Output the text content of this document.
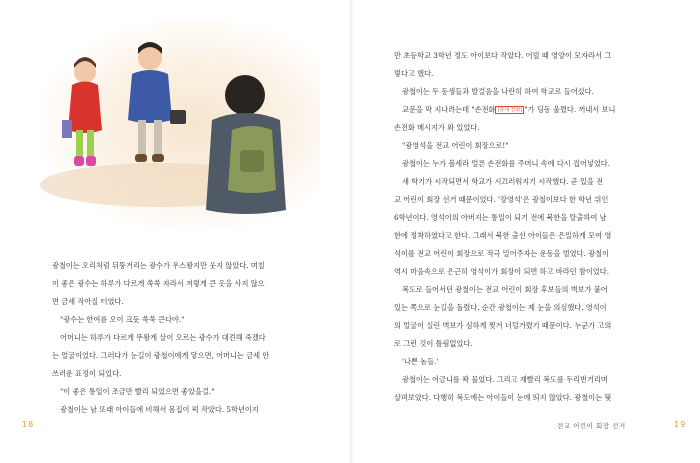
광철이는 오리처럼 뒤뚱거리는 광수가 우스꽝지만 웃지 않았다. 며칠

이 좋은 광수는 하루가 다르게 쑥쑥 자라서 저렇게 큰 옷을 사지 않으

면 금세 작아질 터였다.

"광수는 한여름 오이 크듯 쑥쑥 큰다야."

어머니는 하루가 다르게 뚜왕게 살이 오르는 광수가 대견해 죽겠다

는 얼굴이었다. 그러다가 눈길이 광철이에게 닿으면, 어머니는 금세 안

쓰러운 표정이 되었다.

"이 좋은 통일이 조금만 빨리 되었으면 좋았을걸."

광철이는 남 또래 아이들에 비해서 몸집이 퍽 작았다. 5학년이지

만 초등학교 3학년 정도 아이보다 작았다. 어릴 때 영양이 모자라서 그

렇다고 했다.

광철이는 두 동생들과 발걸음을 나란히 하여 학교로 들어섰다.

교문을 막 지나려는데 "손전화 [휴대 전화] "가 딩동 울렸다. 꺼내서 보니

손전화 메시지가 와 있었다.

"광영석을 전교 어린이 회장으로!"

광철이는 누가 볼세라 얼른 손전화를 주머니 속에 다시 집어넣었다.

새 학기가 시작되면서 학교가 시끄러워지기 시작했다. 곧 있을 전

교 어린이 회장 선거 때문이었다. '장영석'은 광철이보다 한 학년 위인

6학년이다. 영석이의 아버지는 통일이 되기 전에 북한을 탈출하여 남

한에 정착하였다고 한다. 그래서 북한 출신 아이들은 은밀하게 모여 영

석이를 전교 어린이 회장으로 적극 밀어주자는 운동을 벌였다. 광철이

역시 마음속으로 은근히 영석이가 회장이 되면 하고 바라던 참이었다.

복도로 들어서던 광철이는 전교 어린이 회장 후보들의 벽보가 붙어

있는 쪽으로 눈길을 돌렸다. 순간 광철이는 제 눈을 의심했다. 영석이

의 얼굴이 실린 벽보가 심하게 찢겨 너덜거렸기 때문이다. 누군가 고의

로 그런 것이 틀림없었다.

'나쁜 놈들.'

광철이는 어금니를 꽉 물었다. 그리고 재빨리 복도를 두리번거리며

살펴보았다. 다행히 복도에는 아이들이 눈에 띄지 않았다. 광철이는 뭣

18	전교 어린이 회장 선거	19
